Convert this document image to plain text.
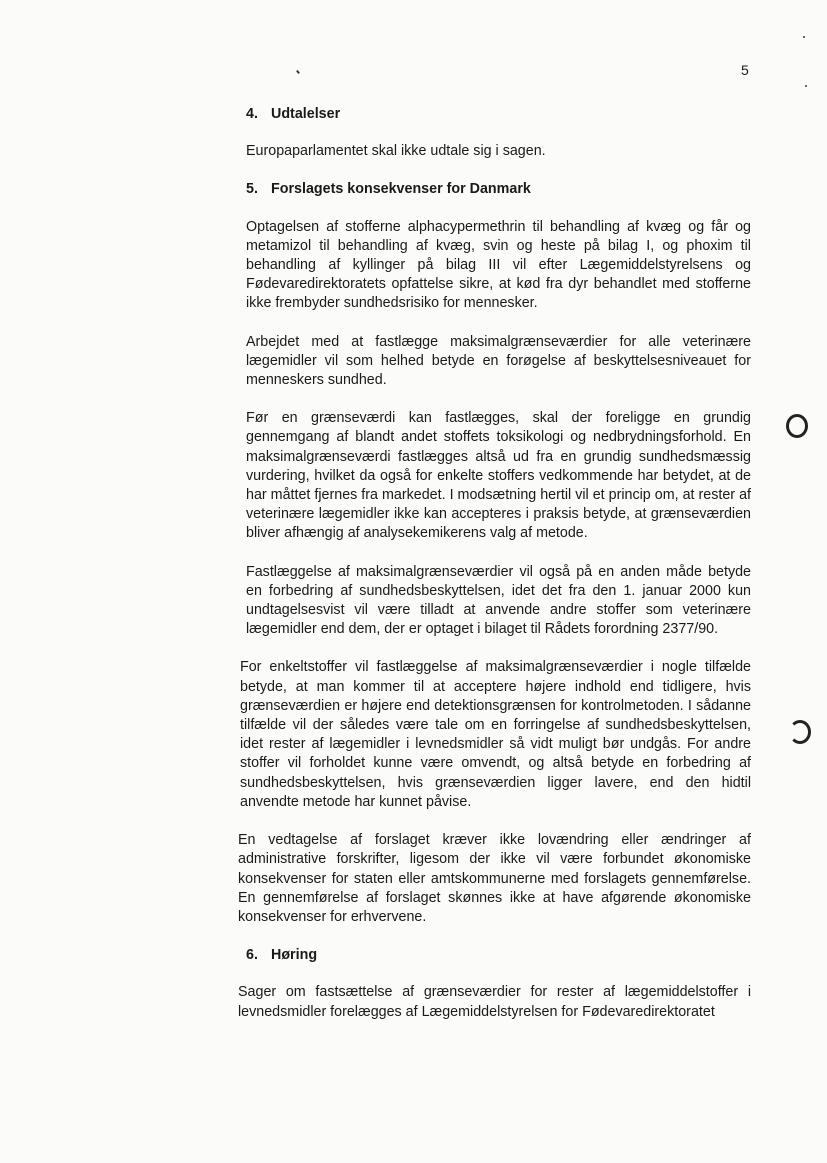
5
4. Udtalelser

Europaparlamentet skal ikke udtale sig i sagen.

5. Forslagets konsekvenser for Danmark

Optagelsen af stofferne alphacypermethrin til behandling af kvæg og får og metamizol til behandling af kvæg, svin og heste på bilag I, og phoxim til behandling af kyllinger på bilag III vil efter Lægemiddelstyrelsens og Fødevaredirektoratets opfattelse sikre, at kød fra dyr behandlet med stofferne ikke frembyder sundhedsrisiko for mennesker.

Arbejdet med at fastlægge maksimalgrænseværdier for alle veterinære lægemidler vil som helhed betyde en forøgelse af beskyttelsesniveauet for menneskers sundhed.

Før en grænseværdi kan fastlægges, skal der foreligge en grundig gennemgang af blandt andet stoffets toksikologi og nedbrydningsforhold. En maksimalgrænseværdi fastlægges altså ud fra en grundig sundhedsmæssig vurdering, hvilket da også for enkelte stoffers vedkommende har betydet, at de har måttet fjernes fra markedet. I modsætning hertil vil et princip om, at rester af veterinære lægemidler ikke kan accepteres i praksis betyde, at grænseværdien bliver afhængig af analysekemikerens valg af metode.

Fastlæggelse af maksimalgrænseværdier vil også på en anden måde betyde en forbedring af sundhedsbeskyttelsen, idet det fra den 1. januar 2000 kun undtagelsesvist vil være tilladt at anvende andre stoffer som veterinære lægemidler end dem, der er optaget i bilaget til Rådets forordning 2377/90.

For enkeltstoffer vil fastlæggelse af maksimalgrænseværdier i nogle tilfælde betyde, at man kommer til at acceptere højere indhold end tidligere, hvis grænseværdien er højere end detektionsgrænsen for kontrolmetoden. I sådanne tilfælde vil der således være tale om en forringelse af sundhedsbeskyttelsen, idet rester af lægemidler i levnedsmidler så vidt muligt bør undgås. For andre stoffer vil forholdet kunne være omvendt, og altså betyde en forbedring af sundhedsbeskyttelsen, hvis grænseværdien ligger lavere, end den hidtil anvendte metode har kunnet påvise.

En vedtagelse af forslaget kræver ikke lovændring eller ændringer af administrative forskrifter, ligesom der ikke vil være forbundet økonomiske konsekvenser for staten eller amtskommunerne med forslagets gennemførelse. En gennemførelse af forslaget skønnes ikke at have afgørende økonomiske konsekvenser for erhvervene.

6. Høring

Sager om fastsættelse af grænseværdier for rester af lægemiddelstoffer i levnedsmidler forelægges af Lægemiddelstyrelsen for Fødevaredirektoratet
